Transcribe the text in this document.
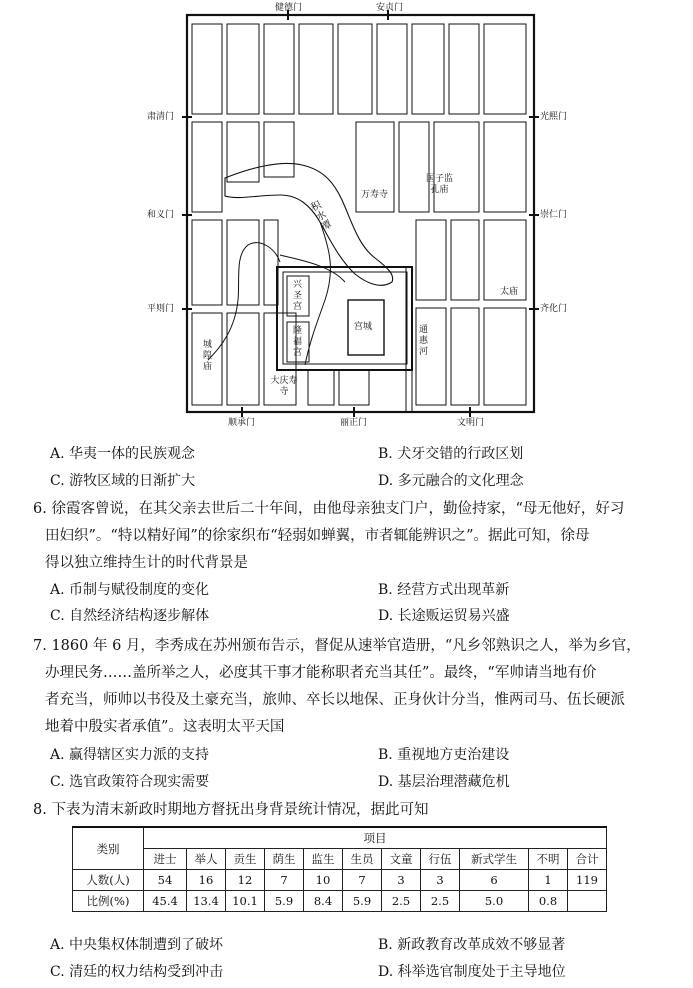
健德门	安贞门
肃清门
和义门
平则门
光熙门
崇仁门
齐化门
顺承门	丽正门	文明门
万寿寺
国子监
孔庙
积水潭
太庙
兴圣宫
隆福宫
宫城	通惠河
城隍庙
大庆寿寺
A. 华夷一体的民族观念	B. 犬牙交错的行政区划
C. 游牧区域的日渐扩大	D. 多元融合的文化理念
6. 徐霞客曾说，在其父亲去世后二十年间，由他母亲独支门户，勤俭持家，“母无他好，好习
田妇织”。“特以精好闻”的徐家织布“轻弱如蝉翼，市者辄能辨识之”。据此可知，徐母
得以独立维持生计的时代背景是
A. 币制与赋役制度的变化	B. 经营方式出现革新
C. 自然经济结构逐步解体	D. 长途贩运贸易兴盛
7. 1860 年 6 月，李秀成在苏州颁布告示，督促从速举官造册，“凡乡邻熟识之人，举为乡官，
办理民务……盖所举之人，必度其干事才能称职者充当其任”。最终，“军帅请当地有价
者充当，师帅以书役及土豪充当，旅帅、卒长以地保、正身伙计分当，惟两司马、伍长硬派
地着中殷实者承值”。这表明太平天国
A. 赢得辖区实力派的支持	B. 重视地方吏治建设
C. 选官政策符合现实需要	D. 基层治理潜藏危机
8. 下表为清末新政时期地方督抚出身背景统计情况，据此可知
类别	项目										
	进士	举人	贡生	荫生	监生	生员	文童	行伍	新式学生	不明	合计
人数(人)	54	16	12	7	10	7	3	3	6	1	119
比例(%)	45.4	13.4	10.1	5.9	8.4	5.9	2.5	2.5	5.0	0.8	
A. 中央集权体制遭到了破坏	B. 新政教育改革成效不够显著
C. 清廷的权力结构受到冲击	D. 科举选官制度处于主导地位
